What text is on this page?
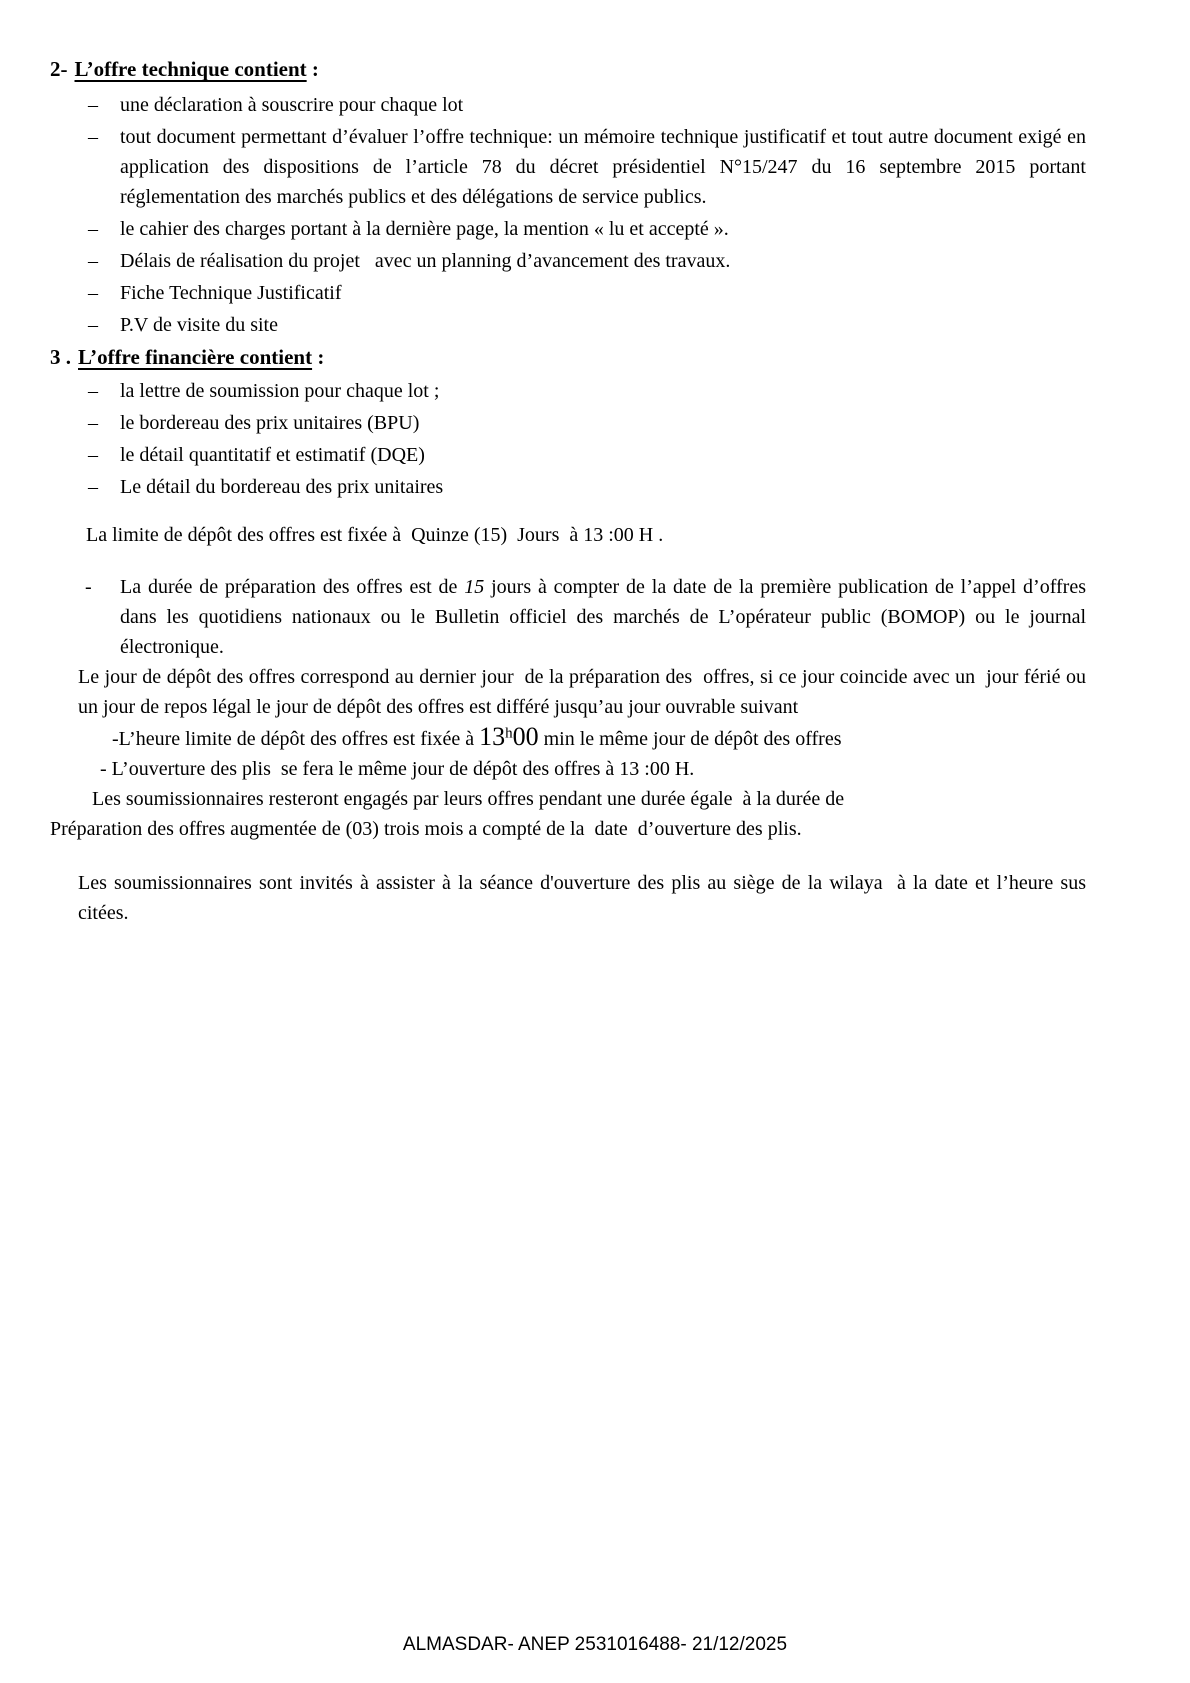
2- L’offre technique contient :
–	une déclaration à souscrire pour chaque lot
–	tout document permettant d’évaluer l’offre technique: un mémoire technique justificatif et tout autre document exigé en application des dispositions de l’article 78 du décret présidentiel N°15/247 du 16 septembre 2015 portant réglementation des marchés publics et des délégations de service publics.
–	le cahier des charges portant à la dernière page, la mention « lu et accepté ».
–	Délais de réalisation du projet   avec un planning d’avancement des travaux.
–	Fiche Technique Justificatif
–	P.V de visite du site
3 . L’offre financière contient :
–	la lettre de soumission pour chaque lot ;
–	le bordereau des prix unitaires (BPU)
–	le détail quantitatif et estimatif (DQE)
–	Le détail du bordereau des prix unitaires

La limite de dépôt des offres est fixée à  Quinze (15)  Jours  à 13 :00 H .

-	La durée de préparation des offres est de 15 jours à compter de la date de la première publication de l’appel d’offres dans les quotidiens nationaux ou le Bulletin officiel des marchés de L’opérateur public (BOMOP) ou le journal électronique.

Le jour de dépôt des offres correspond au dernier jour  de la préparation des  offres, si ce jour coincide avec un  jour férié ou un jour de repos légal le jour de dépôt des offres est différé jusqu’au jour ouvrable suivant

-L’heure limite de dépôt des offres est fixée à 13$^h$00 min le même jour de dépôt des offres

- L’ouverture des plis  se fera le même jour de dépôt des offres à 13 :00 H.

Les soumissionnaires resteront engagés par leurs offres pendant une durée égale  à la durée de

Préparation des offres augmentée de (03) trois mois a compté de la  date  d’ouverture des plis.

Les soumissionnaires sont invités à assister à la séance d'ouverture des plis au siège de la wilaya  à la date et l’heure sus citées.

ALMASDAR- ANEP 2531016488- 21/12/2025
